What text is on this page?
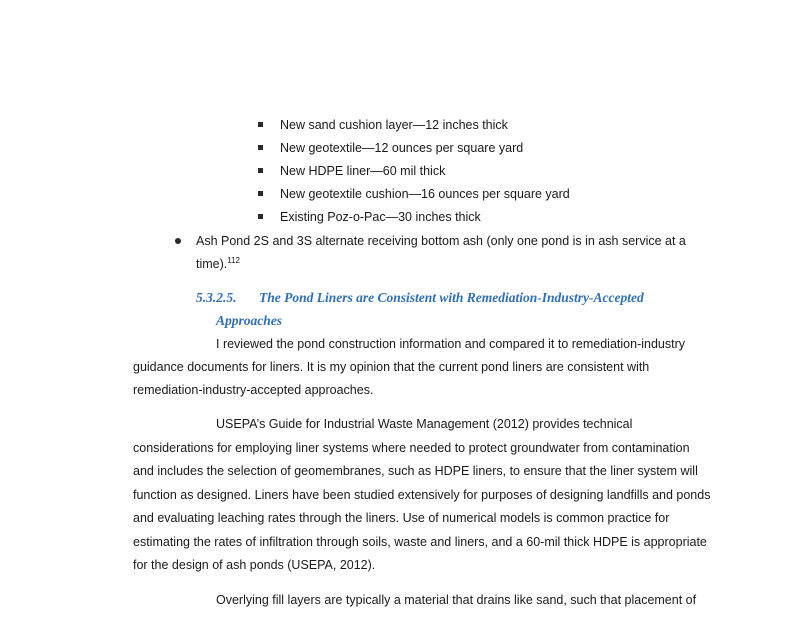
New sand cushion layer—12 inches thick
New geotextile—12 ounces per square yard
New HDPE liner—60 mil thick
New geotextile cushion—16 ounces per square yard
Existing Poz-o-Pac—30 inches thick
Ash Pond 2S and 3S alternate receiving bottom ash (only one pond is in ash service at a
time).$^{112}$
5.3.2.5. The Pond Liners are Consistent with Remediation-Industry-Accepted
Approaches
I reviewed the pond construction information and compared it to remediation-industry
guidance documents for liners. It is my opinion that the current pond liners are consistent with
remediation-industry-accepted approaches.
USEPA’s Guide for Industrial Waste Management (2012) provides technical
considerations for employing liner systems where needed to protect groundwater from contamination
and includes the selection of geomembranes, such as HDPE liners, to ensure that the liner system will
function as designed. Liners have been studied extensively for purposes of designing landfills and ponds
and evaluating leaching rates through the liners. Use of numerical models is common practice for
estimating the rates of infiltration through soils, waste and liners, and a 60-mil thick HDPE is appropriate
for the design of ash ponds (USEPA, 2012).
Overlying fill layers are typically a material that drains like sand, such that placement of
